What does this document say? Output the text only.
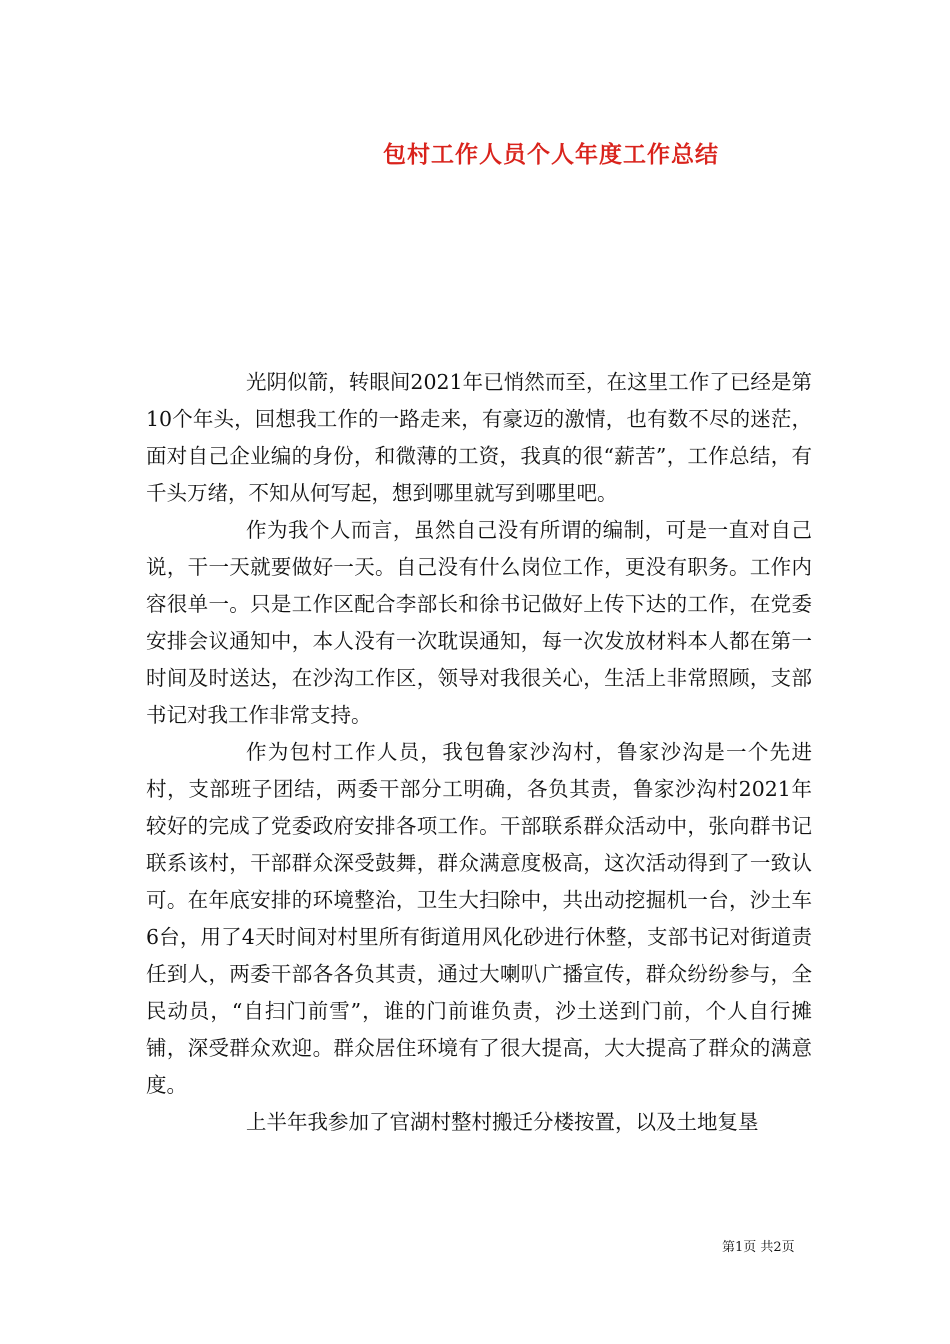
包村工作人员个人年度工作总结

光阴似箭，转眼间2021年已悄然而至，在这里工作了已经是第10个年头，回想我工作的一路走来，有豪迈的激情，也有数不尽的迷茫，面对自己企业编的身份，和微薄的工资，我真的很“薪苦”，工作总结，有千头万绪，不知从何写起，想到哪里就写到哪里吧。

作为我个人而言，虽然自己没有所谓的编制，可是一直对自己说，干一天就要做好一天。自己没有什么岗位工作，更没有职务。工作内容很单一。只是工作区配合李部长和徐书记做好上传下达的工作，在党委安排会议通知中，本人没有一次耽误通知，每一次发放材料本人都在第一时间及时送达，在沙沟工作区，领导对我很关心，生活上非常照顾，支部书记对我工作非常支持。

作为包村工作人员，我包鲁家沙沟村，鲁家沙沟是一个先进村，支部班子团结，两委干部分工明确，各负其责，鲁家沙沟村2021年较好的完成了党委政府安排各项工作。干部联系群众活动中，张向群书记联系该村，干部群众深受鼓舞，群众满意度极高，这次活动得到了一致认可。在年底安排的环境整治，卫生大扫除中，共出动挖掘机一台，沙土车6台，用了4天时间对村里所有街道用风化砂进行休整，支部书记对街道责任到人，两委干部各各负其责，通过大喇叭广播宣传，群众纷纷参与，全民动员，“自扫门前雪”，谁的门前谁负责，沙土送到门前，个人自行摊铺，深受群众欢迎。群众居住环境有了很大提高，大大提高了群众的满意度。

上半年我参加了官湖村整村搬迁分楼按置，以及土地复垦

第1页 共2页
